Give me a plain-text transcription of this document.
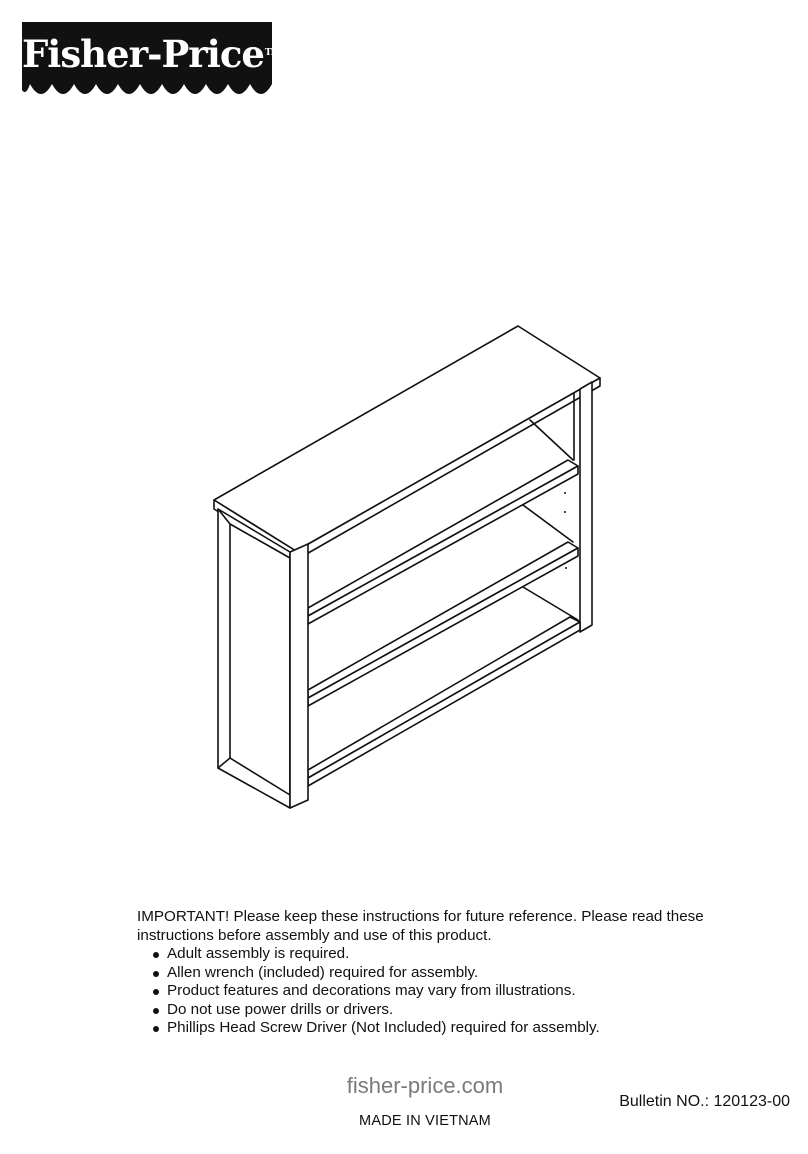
Fisher-Price™

IMPORTANT! Please keep these instructions for future reference. Please read these instructions before assembly and use of this product.

Adult assembly is required.
Allen wrench (included) required for assembly.
Product features and decorations may vary from illustrations.
Do not use power drills or drivers.
Phillips Head Screw Driver (Not Included) required for assembly.
fisher-price.com
MADE IN VIETNAM
Bulletin NO.: 120123-00
